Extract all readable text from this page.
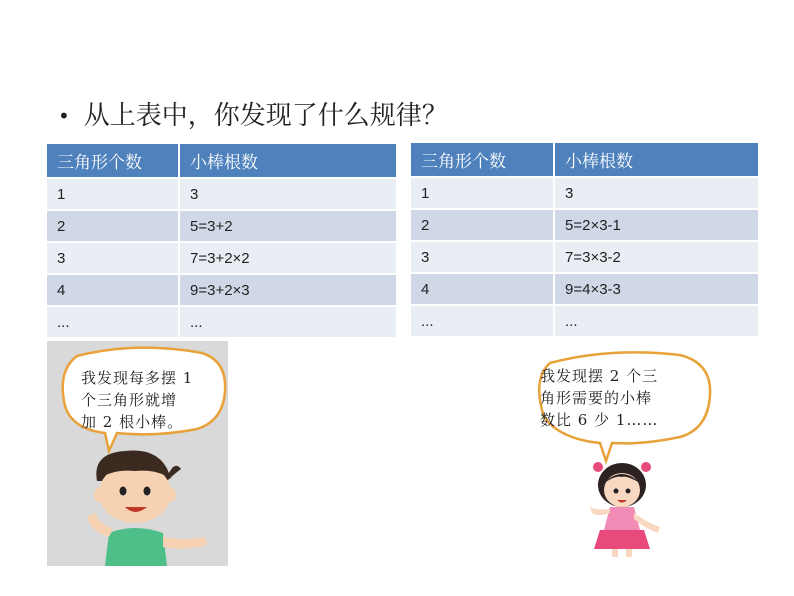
• 从上表中，你发现了什么规律？
三角形个数	小棒根数
1	3
2	5=3+2
3	7=3+2×2
4	9=3+2×3
...	...
三角形个数	小棒根数
1	3
2	5=2×3-1
3	7=3×3-2
4	9=4×3-3
...	...
我发现每多摆 1
个三角形就增
加 2 根小棒。
我发现摆 2 个三
角形需要的小棒
数比 6 少 1……
